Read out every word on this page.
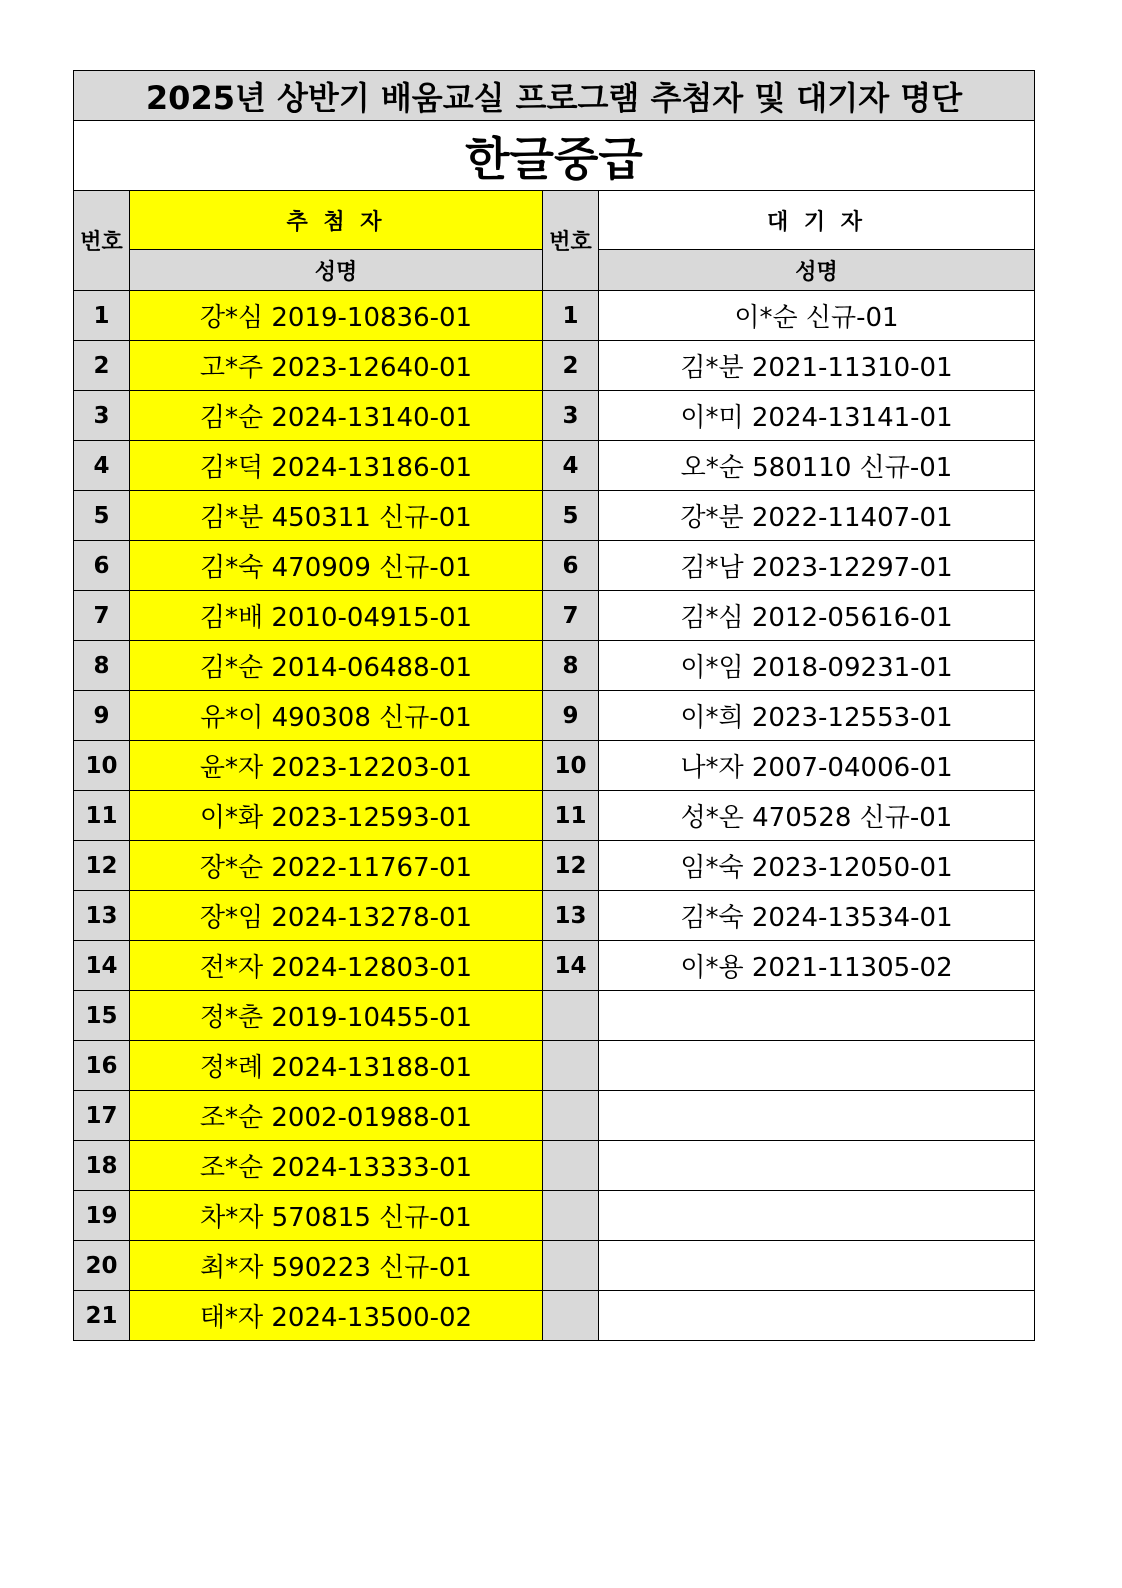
2025년 상반기 배움교실 프로그램 추첨자 및 대기자 명단			
한글중급			
번호	추 첨 자	번호	대 기 자
	성명		성명
1	강*심 2019-10836-01	1	이*순 신규-01
2	고*주 2023-12640-01	2	김*분 2021-11310-01
3	김*순 2024-13140-01	3	이*미 2024-13141-01
4	김*덕 2024-13186-01	4	오*순 580110 신규-01
5	김*분 450311 신규-01	5	강*분 2022-11407-01
6	김*숙 470909 신규-01	6	김*남 2023-12297-01
7	김*배 2010-04915-01	7	김*심 2012-05616-01
8	김*순 2014-06488-01	8	이*임 2018-09231-01
9	유*이 490308 신규-01	9	이*희 2023-12553-01
10	윤*자 2023-12203-01	10	나*자 2007-04006-01
11	이*화 2023-12593-01	11	성*온 470528 신규-01
12	장*순 2022-11767-01	12	임*숙 2023-12050-01
13	장*임 2024-13278-01	13	김*숙 2024-13534-01
14	전*자 2024-12803-01	14	이*용 2021-11305-02
15	정*춘 2019-10455-01		
16	정*례 2024-13188-01		
17	조*순 2002-01988-01		
18	조*순 2024-13333-01		
19	차*자 570815 신규-01		
20	최*자 590223 신규-01		
21	태*자 2024-13500-02		
